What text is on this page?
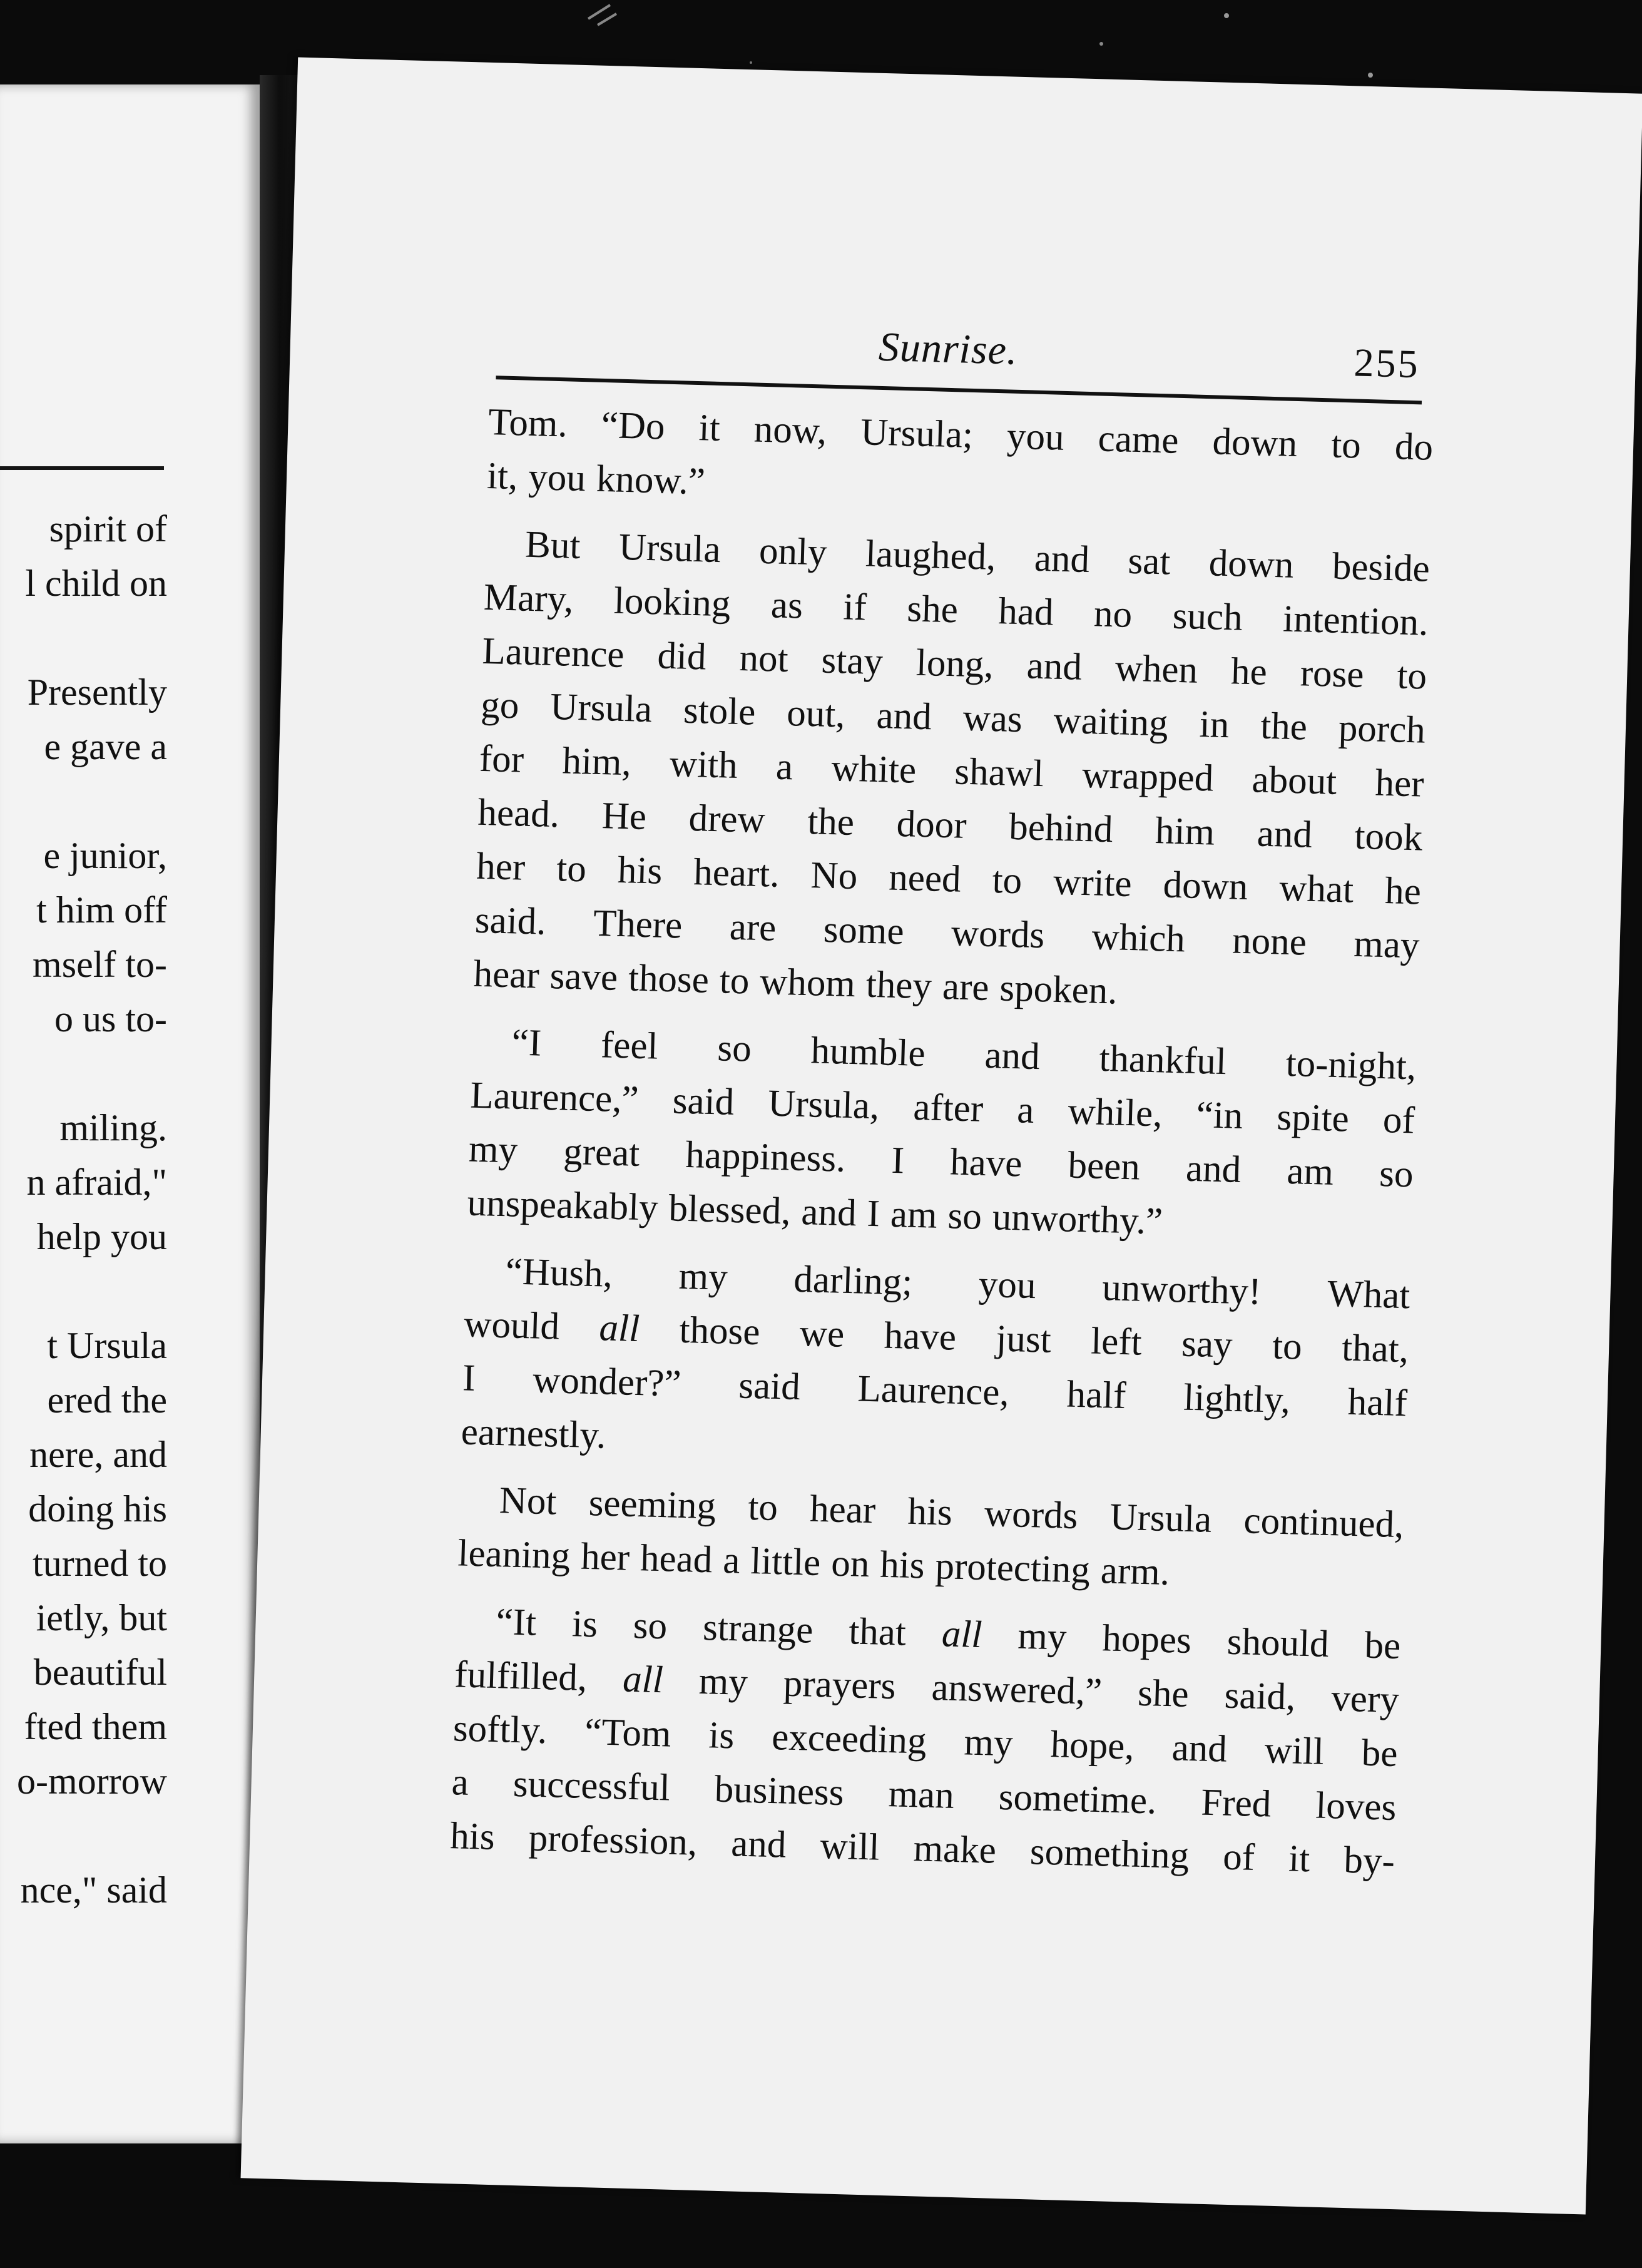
spirit of
l child on
Presently
e gave a
e junior,
t him off
mself to-
o us to-
miling.
n afraid,"
help you
t Ursula
ered the
nere, and
doing his
turned to
ietly, but
beautiful
fted them
o-morrow
nce," said
Sunrise.	255
Tom. “Do it now, Ursula; you came down to do
it, you know.”
But Ursula only laughed, and sat down beside
Mary, looking as if she had no such intention.
Laurence did not stay long, and when he rose to
go Ursula stole out, and was waiting in the porch
for him, with a white shawl wrapped about her
head. He drew the door behind him and took
her to his heart. No need to write down what he
said. There are some words which none may
hear save those to whom they are spoken.
“I feel so humble and thankful to-night,
Laurence,” said Ursula, after a while, “in spite of
my great happiness. I have been and am so
unspeakably blessed, and I am so unworthy.”
“Hush, my darling; you unworthy! What
would all those we have just left say to that,
I wonder?” said Laurence, half lightly, half
earnestly.
Not seeming to hear his words Ursula continued,
leaning her head a little on his protecting arm.
“It is so strange that all my hopes should be
fulfilled, all my prayers answered,” she said, very
softly. “Tom is exceeding my hope, and will be
a successful business man sometime. Fred loves
his profession, and will make something of it by-
